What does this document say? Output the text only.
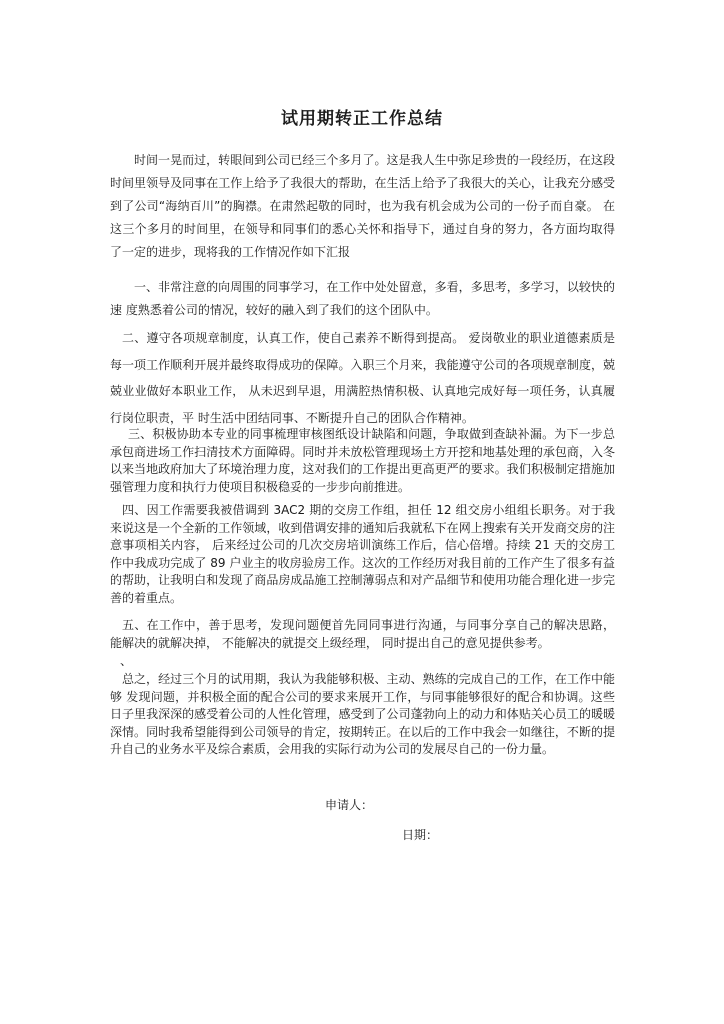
试用期转正工作总结

时间一晃而过，转眼间到公司已经三个多月了。这是我人生中弥足珍贵的一段经历，在这段时间里领导及同事在工作上给予了我很大的帮助，在生活上给予了我很大的关心，让我充分感受到了公司“海纳百川”的胸襟。在肃然起敬的同时，也为我有机会成为公司的一份子而自豪。 在这三个多月的时间里，在领导和同事们的悉心关怀和指导下，通过自身的努力，各方面均取得 了一定的进步，现将我的工作情况作如下汇报

一、非常注意的向周围的同事学习，在工作中处处留意，多看，多思考，多学习，以较快的速 度熟悉着公司的情况，较好的融入到了我们的这个团队中。

二、遵守各项规章制度，认真工作，使自己素养不断得到提高。 爱岗敬业的职业道德素质是每一项工作顺利开展并最终取得成功的保障。入职三个月来，我能遵守公司的各项规章制度，兢兢业业做好本职业工作， 从未迟到早退，用满腔热情积极、认真地完成好每一项任务，认真履行岗位职责，平 时生活中团结同事、不断提升自己的团队合作精神。

三、积极协助本专业的同事梳理审核图纸设计缺陷和问题，争取做到查缺补漏。为下一步总承包商进场工作扫清技术方面障碍。同时并未放松管理现场土方开挖和地基处理的承包商，入冬以来当地政府加大了环境治理力度，这对我们的工作提出更高更严的要求。我们积极制定措施加强管理力度和执行力使项目积极稳妥的一步步向前推进。

四、因工作需要我被借调到 3AC2 期的交房工作组，担任 12 组交房小组组长职务。对于我来说这是一个全新的工作领域，收到借调安排的通知后我就私下在网上搜索有关开发商交房的注意事项相关内容， 后来经过公司的几次交房培训演练工作后，信心倍增。持续 21 天的交房工作中我成功完成了 89 户业主的收房验房工作。这次的工作经历对我目前的工作产生了很多有益的帮助，让我明白和发现了商品房成品施工控制薄弱点和对产品细节和使用功能合理化进一步完善的着重点。

五、在工作中，善于思考，发现问题便首先同同事进行沟通，与同事分享自己的解决思路， 能解决的就解决掉， 不能解决的就提交上级经理， 同时提出自己的意见提供参考。

、

总之，经过三个月的试用期，我认为我能够积极、主动、熟练的完成自己的工作，在工作中能够 发现问题，并积极全面的配合公司的要求来展开工作，与同事能够很好的配合和协调。这些日子里我深深的感受着公司的人性化管理，感受到了公司蓬勃向上的动力和体贴关心员工的暖暖深情。同时我希望能得到公司领导的肯定，按期转正。在以后的工作中我会一如继往，不断的提升自己的业务水平及综合素质，会用我的实际行动为公司的发展尽自己的一份力量。

申请人：

日期：
